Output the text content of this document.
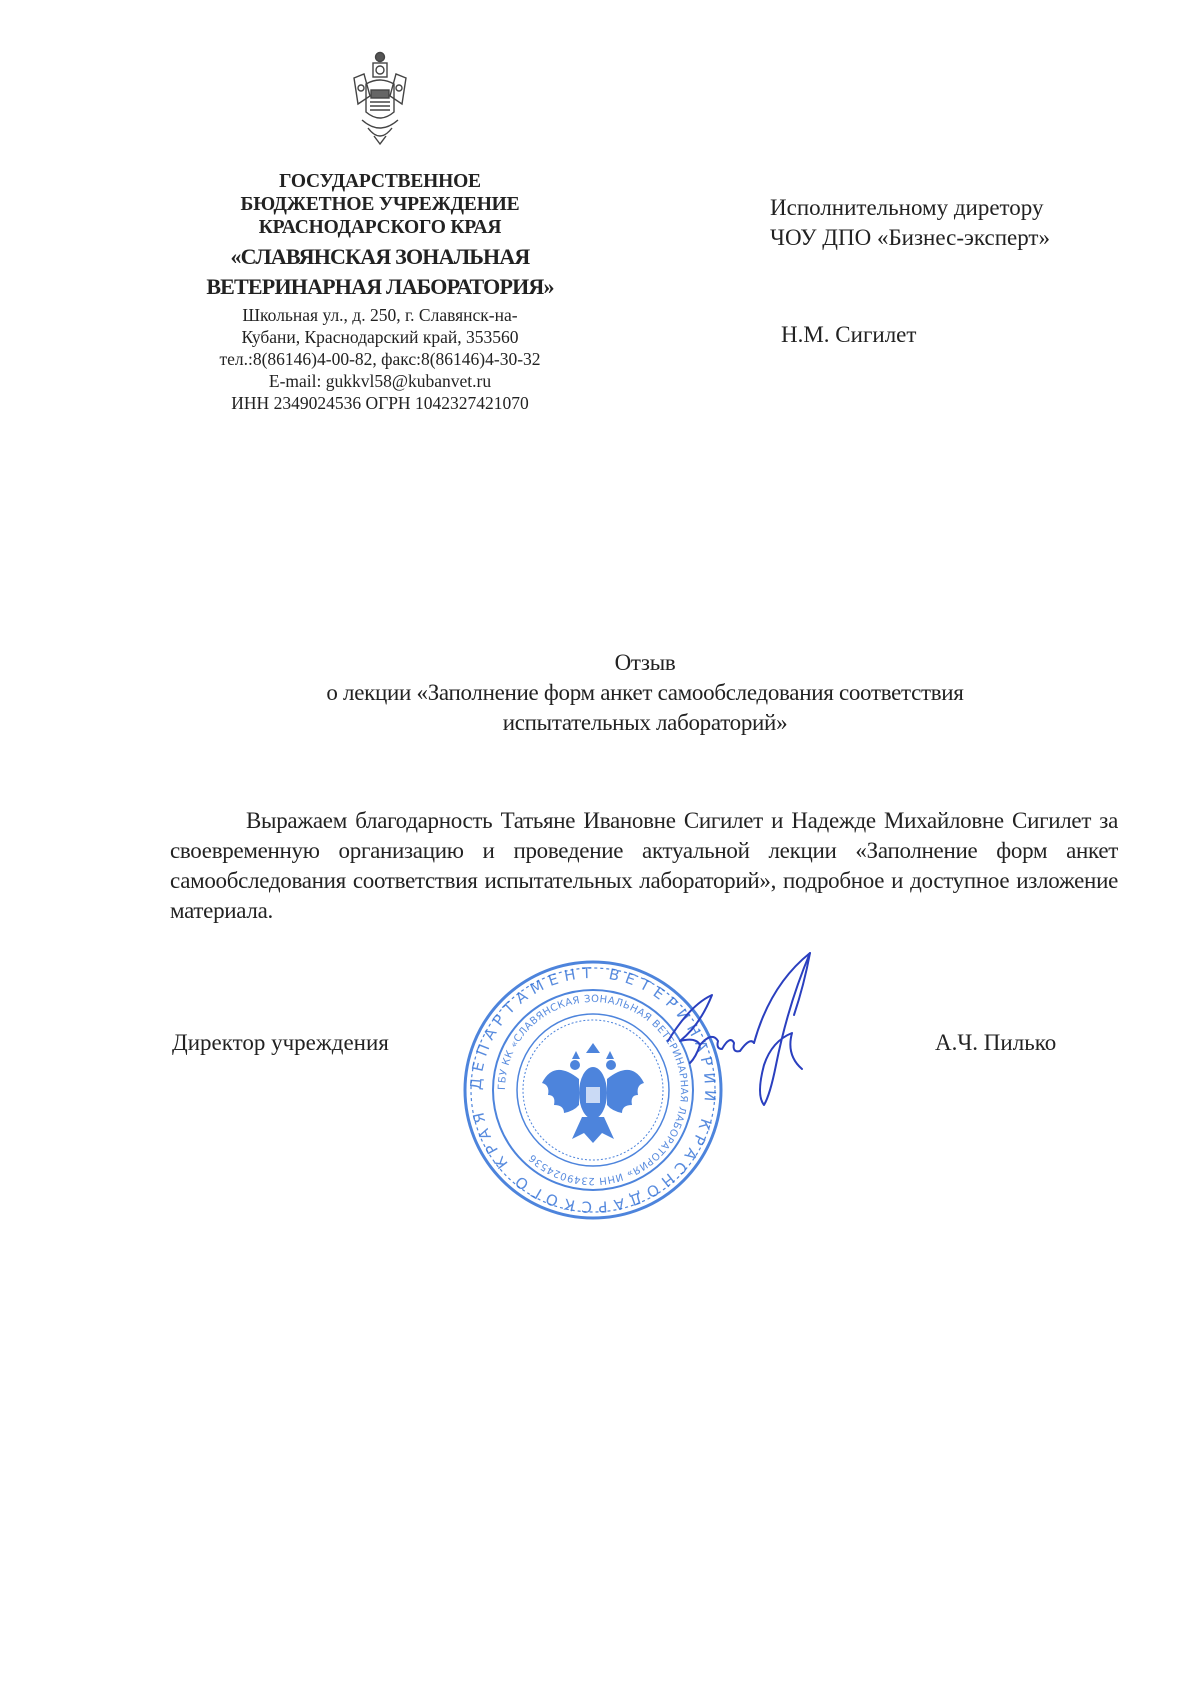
ГОСУДАРСТВЕННОЕ
БЮДЖЕТНОЕ УЧРЕЖДЕНИЕ
КРАСНОДАРСКОГО КРАЯ
«СЛАВЯНСКАЯ ЗОНАЛЬНАЯ
ВЕТЕРИНАРНАЯ ЛАБОРАТОРИЯ»
Школьная ул., д. 250, г. Славянск-на-
Кубани, Краснодарский край, 353560
тел.:8(86146)4-00-82, факс:8(86146)4-30-32
E-mail: gukkvl58@kubanvet.ru
ИНН 2349024536 ОГРН 1042327421070
Исполнительному диретору
ЧОУ ДПО «Бизнес-эксперт»
Н.М. Сигилет
Отзыв
о лекции «Заполнение форм анкет самообследования соответствия
испытательных лабораторий»
Выражаем благодарность Татьяне Ивановне Сигилет и Надежде Михайловне Сигилет за своевременную организацию и проведение актуальной лекции «Заполнение форм анкет самообследования соответствия испытательных лабораторий», подробное и доступное изложение материала.
Директор учреждения	А.Ч. Пилько
ДЕПАРТАМЕНТ ВЕТЕРИНАРИИ КРАСНОДАРСКОГО КРАЯ
ГБУ КК «СЛАВЯНСКАЯ ЗОНАЛЬНАЯ ВЕТЕРИНАРНАЯ ЛАБОРАТОРИЯ» ИНН 2349024536
